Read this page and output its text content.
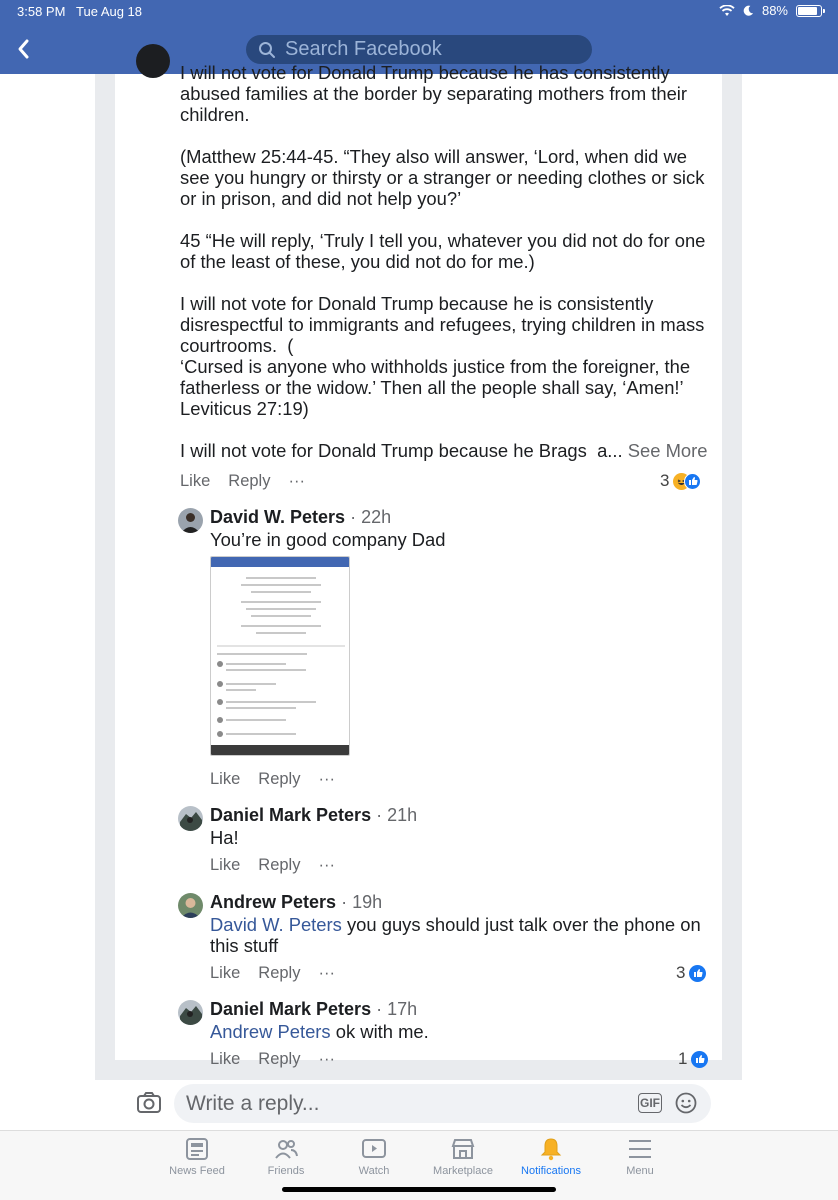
3:58 PM Tue Aug 18	88%
Search Facebook

I will not vote for Donald Trump because he has consistently abused families at the border by separating mothers from their children.

(Matthew 25:44-45. “They also will answer, ‘Lord, when did we see you hungry or thirsty or a stranger or needing clothes or sick or in prison, and did not help you?’

45 “He will reply, ‘Truly I tell you, whatever you did not do for one of the least of these, you did not do for me.)

I will not vote for Donald Trump because he is consistently disrespectful to immigrants and refugees, trying children in mass courtrooms.  (
‘Cursed is anyone who withholds justice from the foreigner, the fatherless or the widow.’ Then all the people shall say, ‘Amen!’
Leviticus 27:19)

I will not vote for Donald Trump because he Brags  a... See More

Like Reply ···	3
David W. Peters · 22h
You’re in good company Dad
Like Reply ···
Daniel Mark Peters · 21h
Ha!
Like Reply ···
Andrew Peters · 19h
David W. Peters you guys should just talk over the phone on this stuff
Like Reply ···	3
Daniel Mark Peters · 17h
Andrew Peters ok with me.
Like Reply ···	1
Write a reply...	GIF
News Feed	Friends	Watch	Marketplace	Notifications	Menu
